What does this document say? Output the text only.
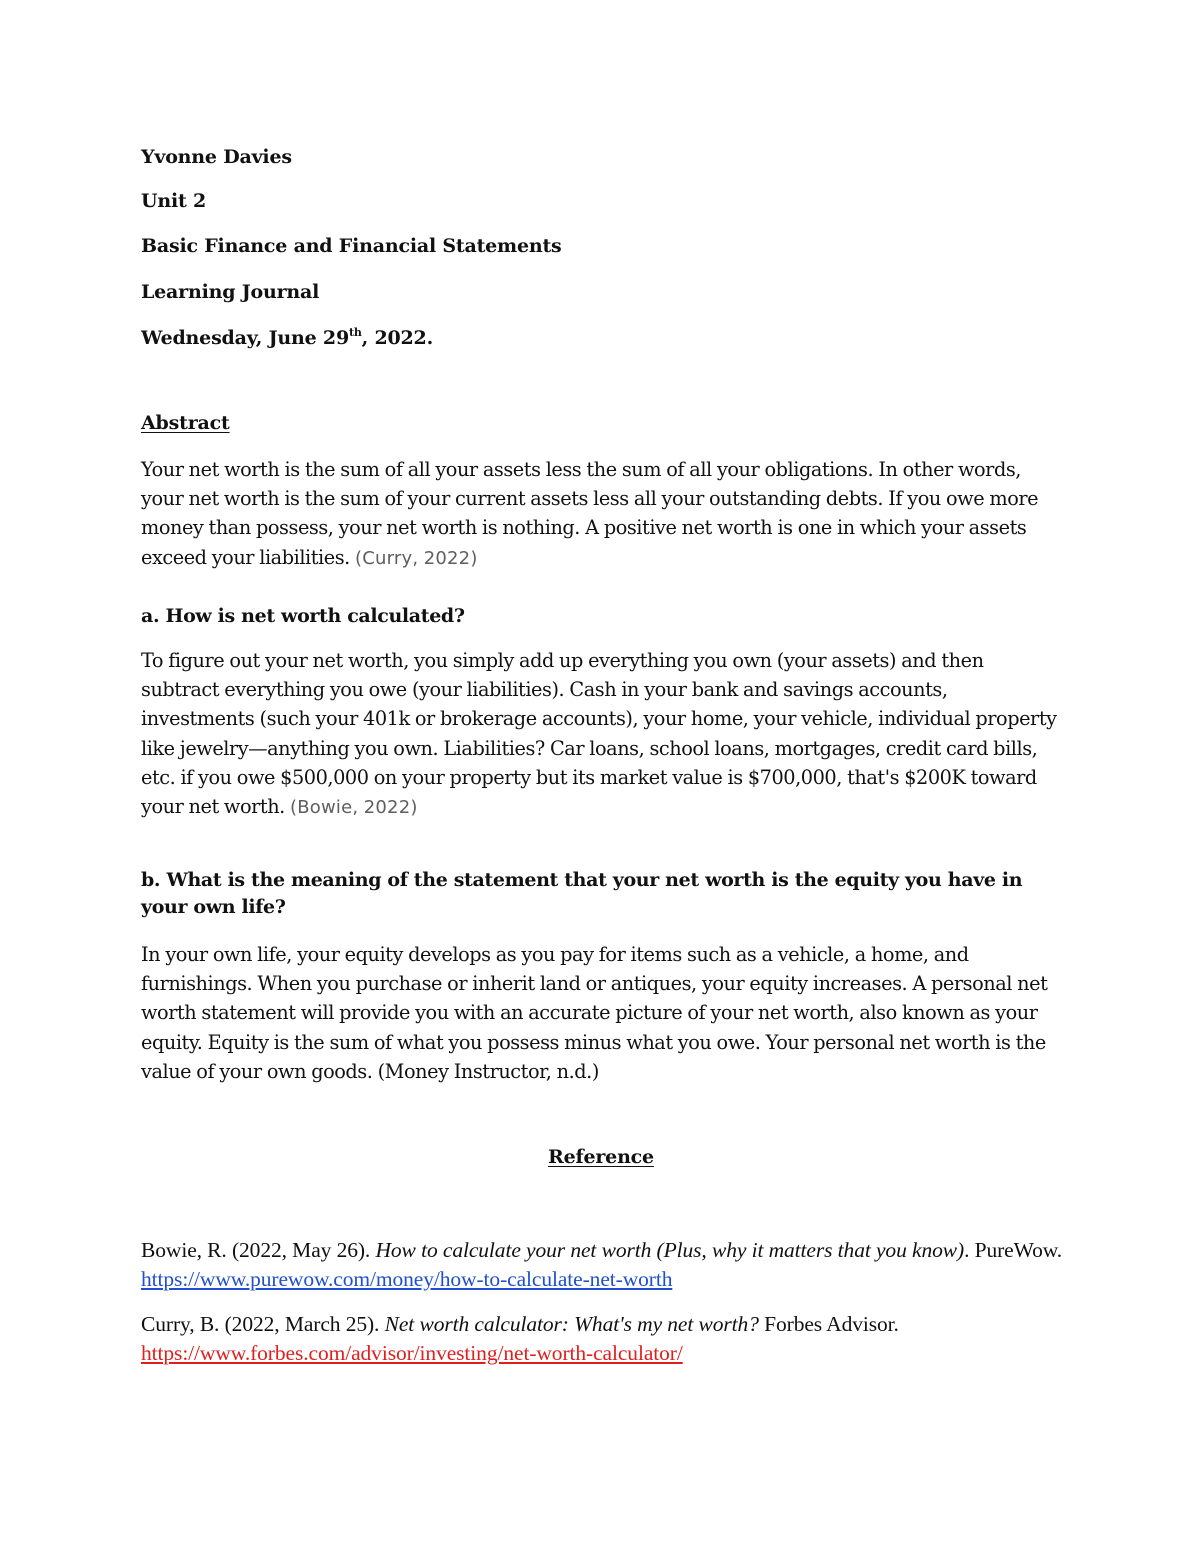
Yvonne Davies
Unit 2
Basic Finance and Financial Statements
Learning Journal
Wednesday, June 29th, 2022.
Abstract
Your net worth is the sum of all your assets less the sum of all your obligations. In other words, your net worth is the sum of your current assets less all your outstanding debts. If you owe more money than possess, your net worth is nothing. A positive net worth is one in which your assets exceed your liabilities. (Curry, 2022)
a. How is net worth calculated?
To figure out your net worth, you simply add up everything you own (your assets) and then subtract everything you owe (your liabilities). Cash in your bank and savings accounts, investments (such your 401k or brokerage accounts), your home, your vehicle, individual property like jewelry—anything you own. Liabilities? Car loans, school loans, mortgages, credit card bills, etc. if you owe $500,000 on your property but its market value is $700,000, that's $200K toward your net worth. (Bowie, 2022)
b. What is the meaning of the statement that your net worth is the equity you have in your own life?
In your own life, your equity develops as you pay for items such as a vehicle, a home, and furnishings. When you purchase or inherit land or antiques, your equity increases. A personal net worth statement will provide you with an accurate picture of your net worth, also known as your equity. Equity is the sum of what you possess minus what you owe. Your personal net worth is the value of your own goods. (Money Instructor, n.d.)
Reference
Bowie, R. (2022, May 26). How to calculate your net worth (Plus, why it matters that you know). PureWow. https://www.purewow.com/money/how-to-calculate-net-worth
Curry, B. (2022, March 25). Net worth calculator: What's my net worth? Forbes Advisor. https://www.forbes.com/advisor/investing/net-worth-calculator/
